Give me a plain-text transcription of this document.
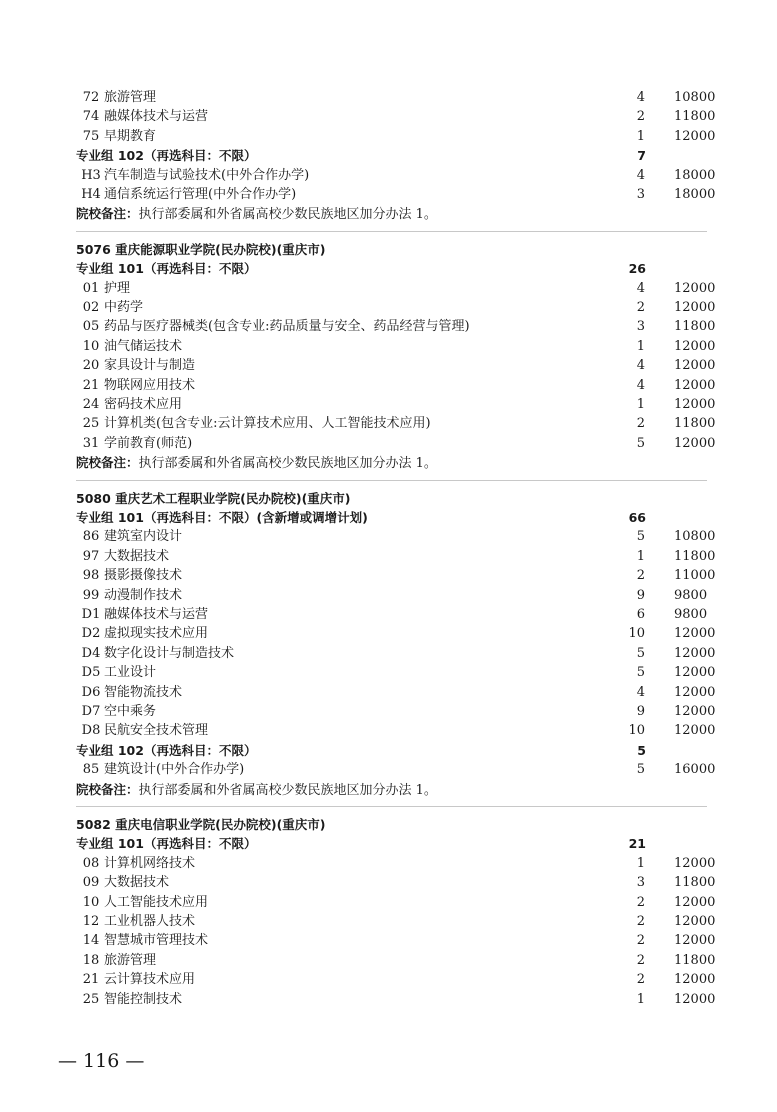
72 旅游管理	4 10800
74 融媒体技术与运营	2 11800
75 早期教育	1 12000
专业组 102（再选科目：不限）	7
H3 汽车制造与试验技术(中外合作办学)	4 18000
H4 通信系统运行管理(中外合作办学)	3 18000
院校备注：执行部委属和外省属高校少数民族地区加分办法 1。
5076 重庆能源职业学院(民办院校)(重庆市)
专业组 101（再选科目：不限）	26
01 护理	4 12000
02 中药学	2 12000
05 药品与医疗器械类(包含专业:药品质量与安全、药品经营与管理)	3 11800
10 油气储运技术	1 12000
20 家具设计与制造	4 12000
21 物联网应用技术	4 12000
24 密码技术应用	1 12000
25 计算机类(包含专业:云计算技术应用、人工智能技术应用)	2 11800
31 学前教育(师范)	5 12000
院校备注：执行部委属和外省属高校少数民族地区加分办法 1。
5080 重庆艺术工程职业学院(民办院校)(重庆市)
专业组 101（再选科目：不限）(含新增或调增计划)	66
86 建筑室内设计	5 10800
97 大数据技术	1 11800
98 摄影摄像技术	2 11000
99 动漫制作技术	9 9800
D1 融媒体技术与运营	6 9800
D2 虚拟现实技术应用	10 12000
D4 数字化设计与制造技术	5 12000
D5 工业设计	5 12000
D6 智能物流技术	4 12000
D7 空中乘务	9 12000
D8 民航安全技术管理	10 12000
专业组 102（再选科目：不限）	5
85 建筑设计(中外合作办学)	5 16000
院校备注：执行部委属和外省属高校少数民族地区加分办法 1。
5082 重庆电信职业学院(民办院校)(重庆市)
专业组 101（再选科目：不限）	21
08 计算机网络技术	1 12000
09 大数据技术	3 11800
10 人工智能技术应用	2 12000
12 工业机器人技术	2 12000
14 智慧城市管理技术	2 12000
18 旅游管理	2 11800
21 云计算技术应用	2 12000
25 智能控制技术	1 12000
— 116 —
